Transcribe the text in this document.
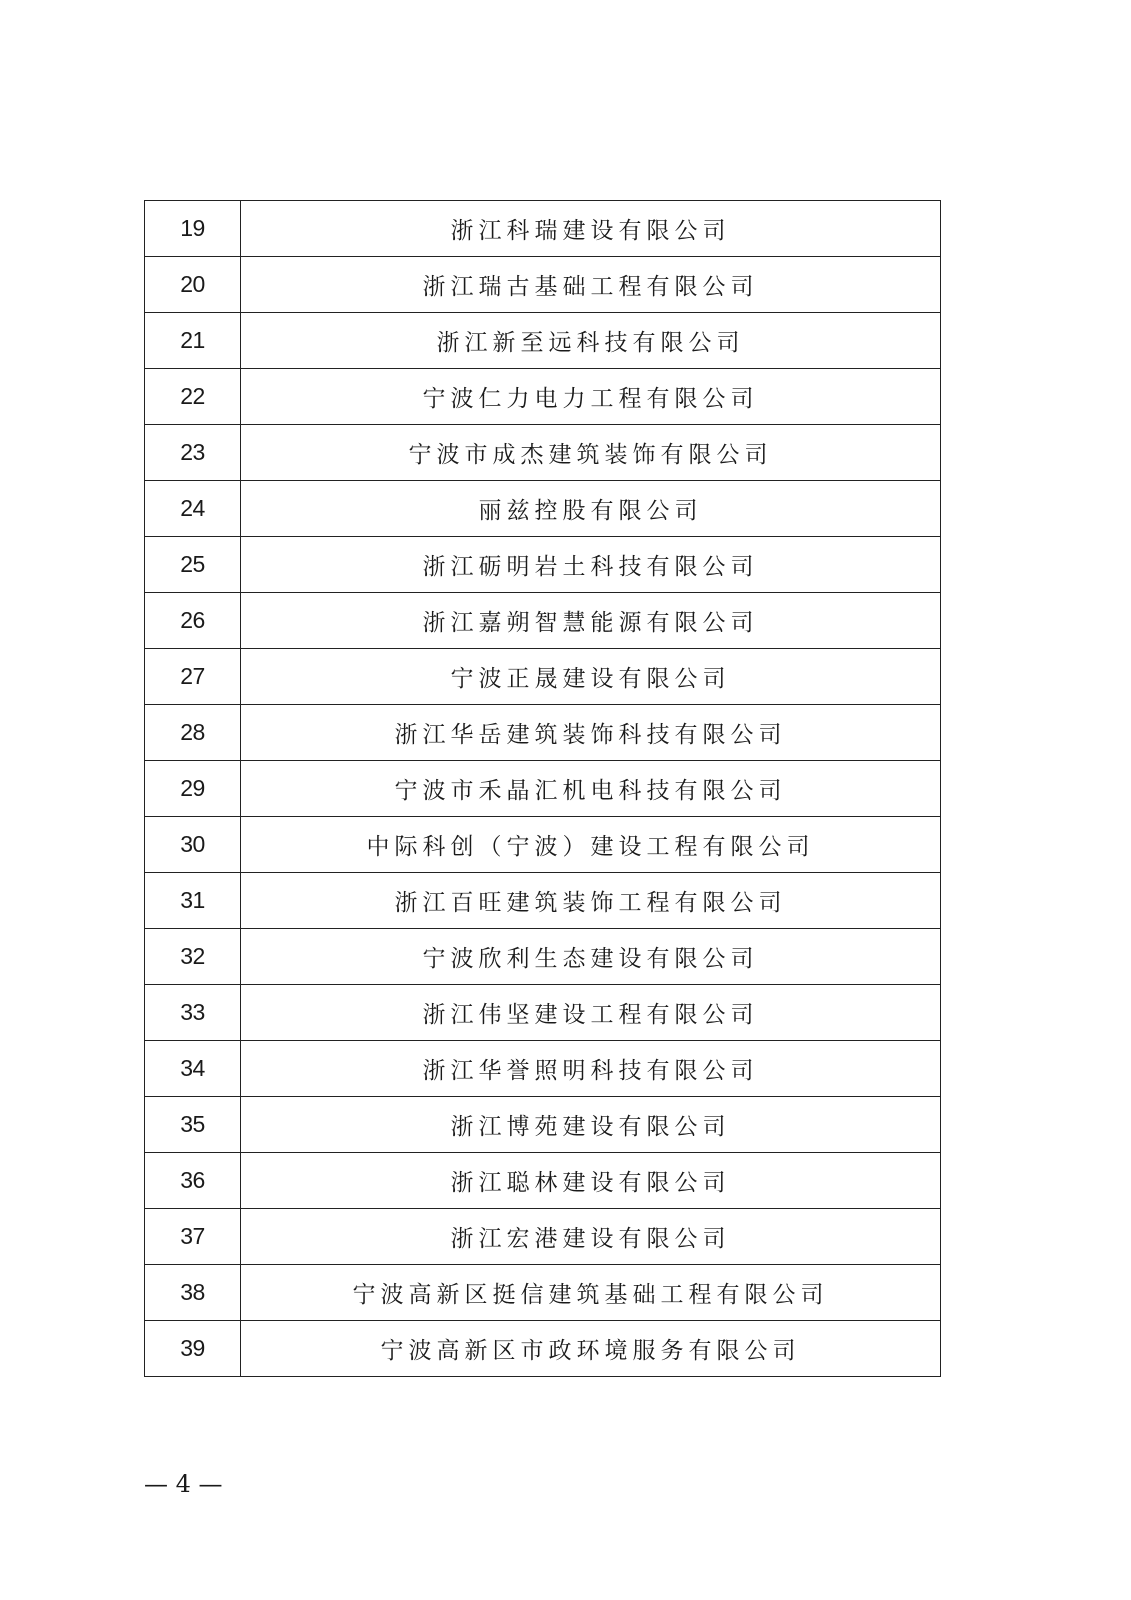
19	浙江科瑞建设有限公司
20	浙江瑞古基础工程有限公司
21	浙江新至远科技有限公司
22	宁波仁力电力工程有限公司
23	宁波市成杰建筑装饰有限公司
24	丽兹控股有限公司
25	浙江砺明岩土科技有限公司
26	浙江嘉朔智慧能源有限公司
27	宁波正晟建设有限公司
28	浙江华岳建筑装饰科技有限公司
29	宁波市禾晶汇机电科技有限公司
30	中际科创（宁波）建设工程有限公司
31	浙江百旺建筑装饰工程有限公司
32	宁波欣利生态建设有限公司
33	浙江伟坚建设工程有限公司
34	浙江华誉照明科技有限公司
35	浙江博苑建设有限公司
36	浙江聪林建设有限公司
37	浙江宏港建设有限公司
38	宁波高新区挺信建筑基础工程有限公司
39	宁波高新区市政环境服务有限公司
— 4 —
